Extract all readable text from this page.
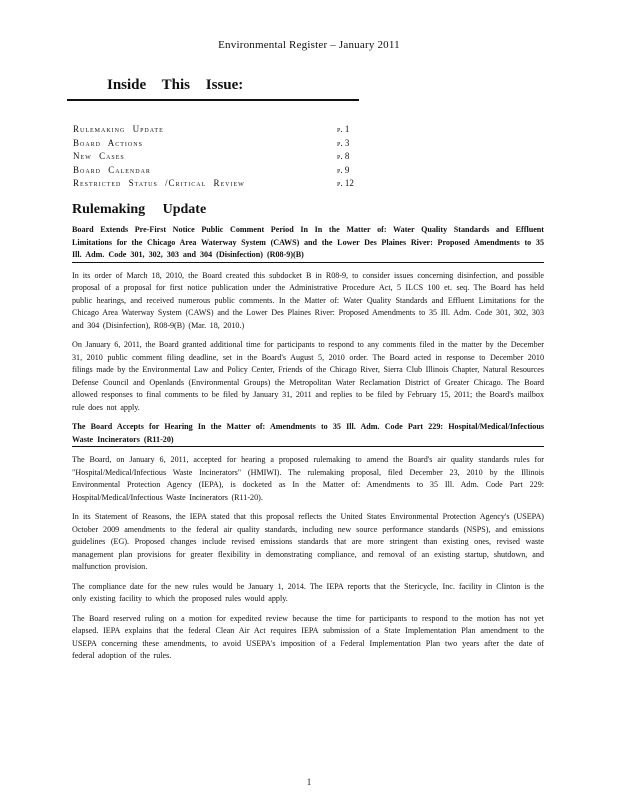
Environmental Register – January 2011
Inside This Issue:
Rulemaking Update	p. 1
Board Actions	p. 3
New Cases	p. 8
Board Calendar	p. 9
Restricted Status /Critical Review	p. 12
Rulemaking Update
Board Extends Pre-First Notice Public Comment Period In In the Matter of: Water Quality Standards and Effluent Limitations for the Chicago Area Waterway System (CAWS) and the Lower Des Plaines River: Proposed Amendments to 35 Ill. Adm. Code 301, 302, 303 and 304 (Disinfection) (R08-9)(B)

In its order of March 18, 2010, the Board created this subdocket B in R08-9, to consider issues concerning disinfection, and possible proposal of a proposal for first notice publication under the Administrative Procedure Act, 5 ILCS 100 et. seq. The Board has held public hearings, and received numerous public comments. In the Matter of: Water Quality Standards and Effluent Limitations for the Chicago Area Waterway System (CAWS) and the Lower Des Plaines River: Proposed Amendments to 35 Ill. Adm. Code 301, 302, 303 and 304 (Disinfection), R08-9(B) (Mar. 18, 2010.)

On January 6, 2011, the Board granted additional time for participants to respond to any comments filed in the matter by the December 31, 2010 public comment filing deadline, set in the Board's August 5, 2010 order. The Board acted in response to December 2010 filings made by the Environmental Law and Policy Center, Friends of the Chicago River, Sierra Club Illinois Chapter, Natural Resources Defense Council and Openlands (Environmental Groups) the Metropolitan Water Reclamation District of Greater Chicago. The Board allowed responses to final comments to be filed by January 31, 2011 and replies to be filed by February 15, 2011; the Board's mailbox rule does not apply.

The Board Accepts for Hearing In the Matter of: Amendments to 35 Ill. Adm. Code Part 229: Hospital/Medical/Infectious Waste Incinerators (R11-20)

The Board, on January 6, 2011, accepted for hearing a proposed rulemaking to amend the Board's air quality standards rules for "Hospital/Medical/Infectious Waste Incinerators" (HMIWI). The rulemaking proposal, filed December 23, 2010 by the Illinois Environmental Protection Agency (IEPA), is docketed as In the Matter of: Amendments to 35 Ill. Adm. Code Part 229: Hospital/Medical/Infectious Waste Incinerators (R11-20).

In its Statement of Reasons, the IEPA stated that this proposal reflects the United States Environmental Protection Agency's (USEPA) October 2009 amendments to the federal air quality standards, including new source performance standards (NSPS), and emissions guidelines (EG). Proposed changes include revised emissions standards that are more stringent than existing ones, revised waste management plan provisions for greater flexibility in demonstrating compliance, and removal of an existing startup, shutdown, and malfunction provision.

The compliance date for the new rules would be January 1, 2014. The IEPA reports that the Stericycle, Inc. facility in Clinton is the only existing facility to which the proposed rules would apply.

The Board reserved ruling on a motion for expedited review because the time for participants to respond to the motion has not yet elapsed. IEPA explains that the federal Clean Air Act requires IEPA submission of a State Implementation Plan amendment to the USEPA concerning these amendments, to avoid USEPA's imposition of a Federal Implementation Plan two years after the date of federal adoption of the rules.

1
